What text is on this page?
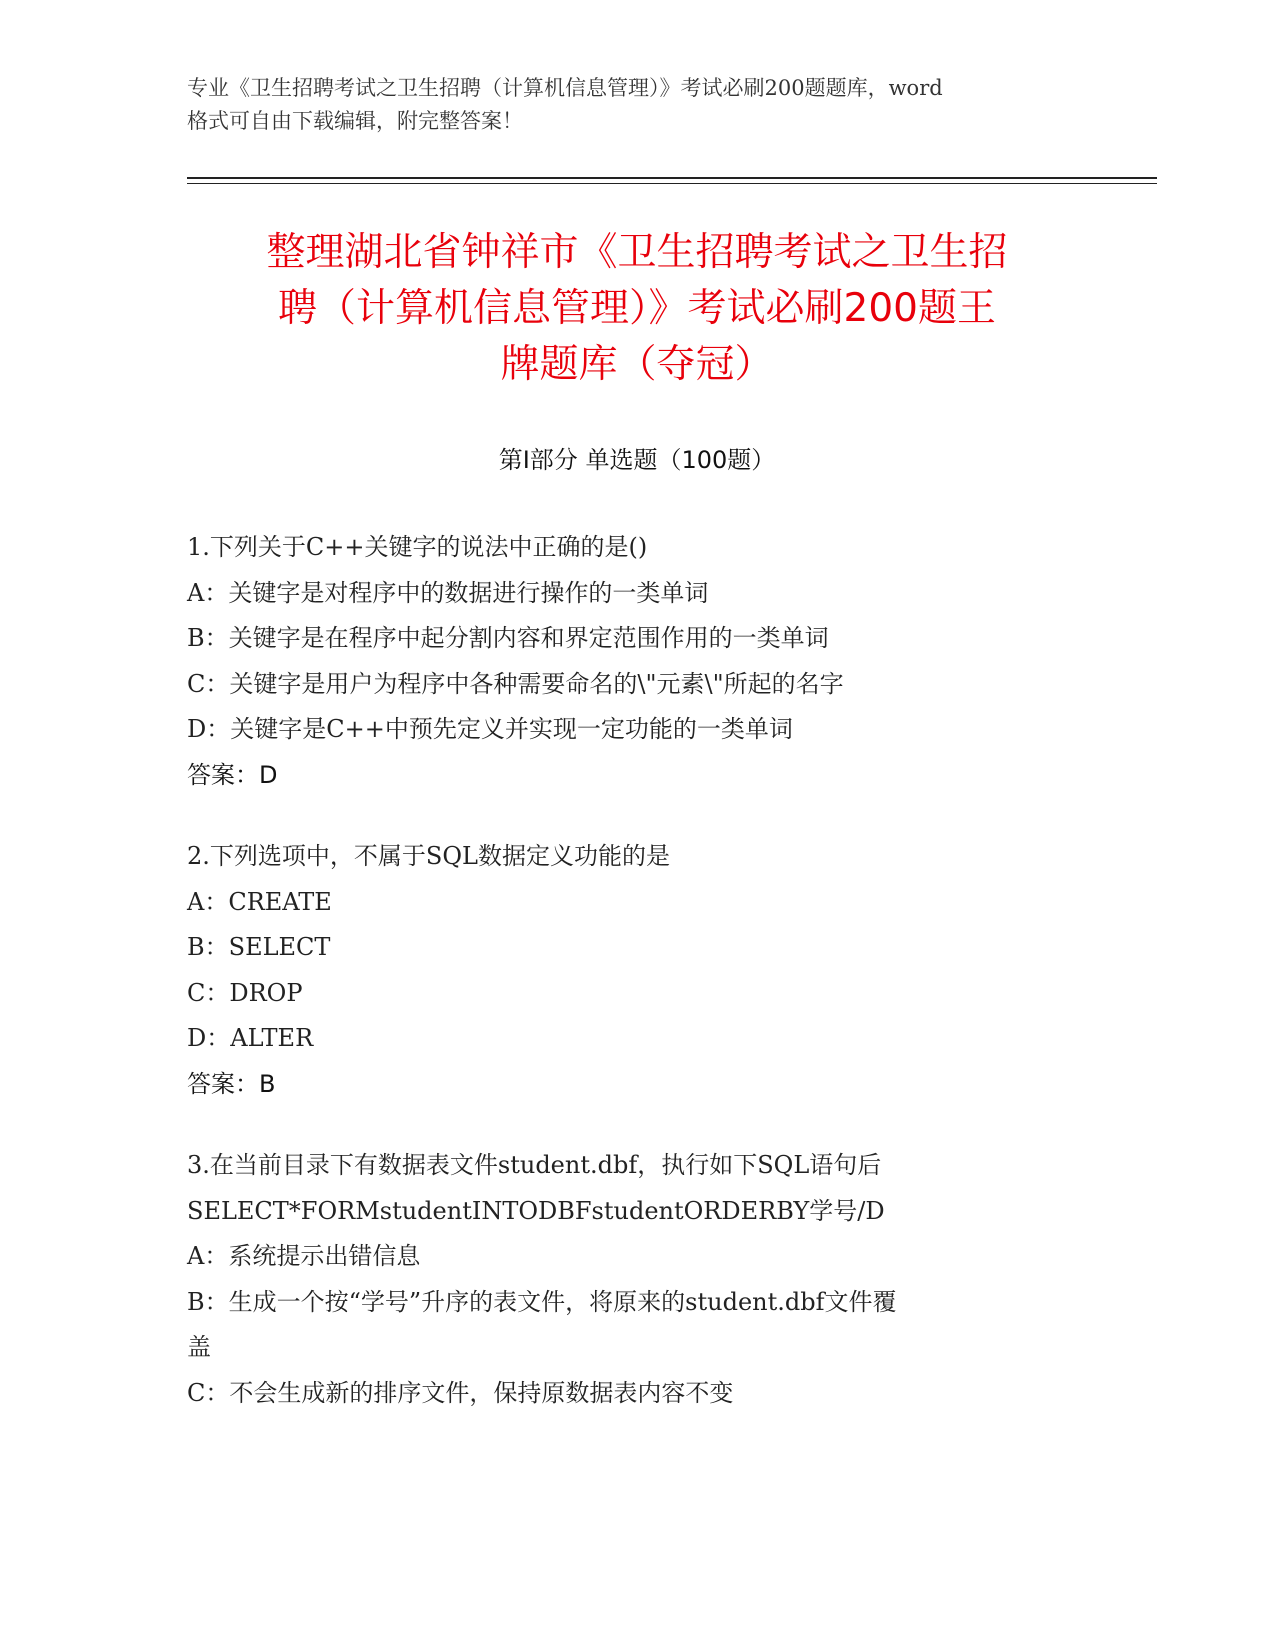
专业《卫生招聘考试之卫生招聘（计算机信息管理）》考试必刷200题题库，word
格式可自由下载编辑，附完整答案！
整理湖北省钟祥市《卫生招聘考试之卫生招
聘（计算机信息管理）》考试必刷200题王
牌题库（夺冠）
第Ⅰ部分 单选题（100题）
1.下列关于C++关键字的说法中正确的是()
A：关键字是对程序中的数据进行操作的一类单词
B：关键字是在程序中起分割内容和界定范围作用的一类单词
C：关键字是用户为程序中各种需要命名的\"元素\"所起的名字
D：关键字是C++中预先定义并实现一定功能的一类单词
答案：D
2.下列选项中，不属于SQL数据定义功能的是
A：CREATE
B：SELECT
C：DROP
D：ALTER
答案：B
3.在当前目录下有数据表文件student.dbf，执行如下SQL语句后
SELECT*FORMstudentINTODBFstudentORDERBY学号/D
A：系统提示出错信息
B：生成一个按“学号”升序的表文件，将原来的student.dbf文件覆
盖
C：不会生成新的排序文件，保持原数据表内容不变
